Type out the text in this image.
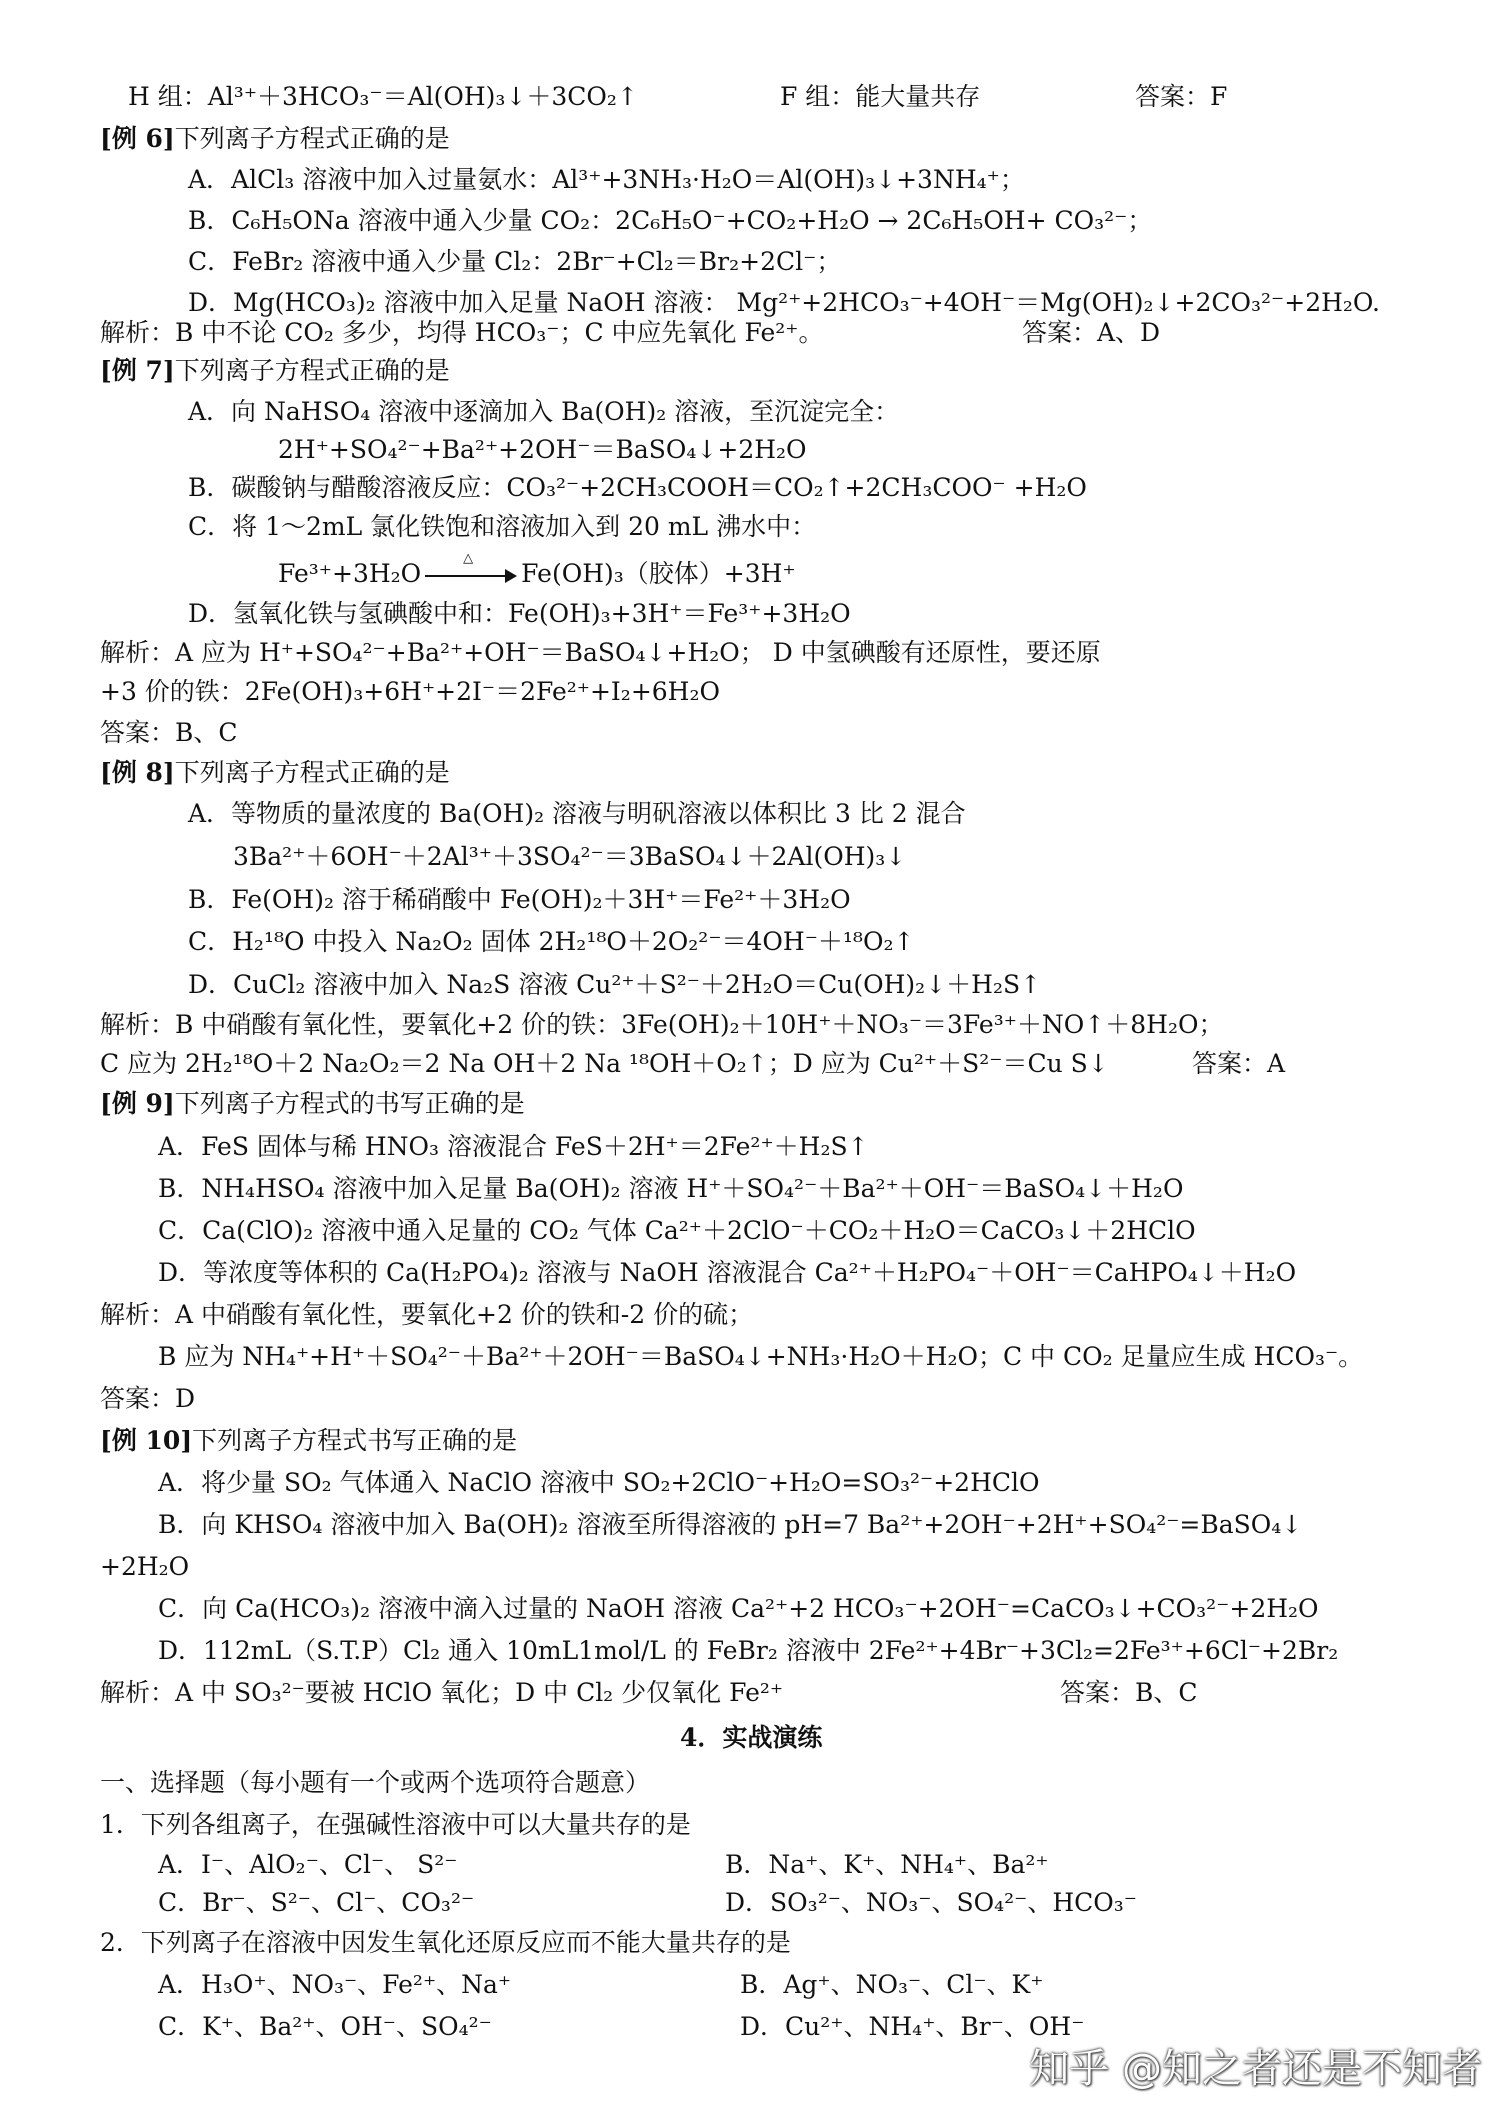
H 组：Al³⁺＋3HCO₃⁻＝Al(OH)₃↓＋3CO₂↑	F 组：能大量共存	答案：F
[例 6]下列离子方程式正确的是
A．AlCl₃ 溶液中加入过量氨水：Al³⁺+3NH₃·H₂O＝Al(OH)₃↓+3NH₄⁺；
B．C₆H₅ONa 溶液中通入少量 CO₂：2C₆H₅O⁻+CO₂+H₂O → 2C₆H₅OH+ CO₃²⁻；
C．FeBr₂ 溶液中通入少量 Cl₂：2Br⁻+Cl₂＝Br₂+2Cl⁻；
D．Mg(HCO₃)₂ 溶液中加入足量 NaOH 溶液： Mg²⁺+2HCO₃⁻+4OH⁻＝Mg(OH)₂↓+2CO₃²⁻+2H₂O.
解析：B 中不论 CO₂ 多少，均得 HCO₃⁻；C 中应先氧化 Fe²⁺。	答案：A、D
[例 7]下列离子方程式正确的是
A．向 NaHSO₄ 溶液中逐滴加入 Ba(OH)₂ 溶液，至沉淀完全：
2H⁺+SO₄²⁻+Ba²⁺+2OH⁻＝BaSO₄↓+2H₂O
B．碳酸钠与醋酸溶液反应：CO₃²⁻+2CH₃COOH＝CO₂↑+2CH₃COO⁻ +H₂O
C．将 1～2mL 氯化铁饱和溶液加入到 20 mL 沸水中：
Fe³⁺+3H₂O
△
Fe(OH)₃（胶体）+3H⁺
D．氢氧化铁与氢碘酸中和：Fe(OH)₃+3H⁺＝Fe³⁺+3H₂O
解析：A 应为 H⁺+SO₄²⁻+Ba²⁺+OH⁻＝BaSO₄↓+H₂O； D 中氢碘酸有还原性，要还原
+3 价的铁：2Fe(OH)₃+6H⁺+2I⁻＝2Fe²⁺+I₂+6H₂O
答案：B、C
[例 8]下列离子方程式正确的是
A．等物质的量浓度的 Ba(OH)₂ 溶液与明矾溶液以体积比 3 比 2 混合
3Ba²⁺＋6OH⁻＋2Al³⁺＋3SO₄²⁻＝3BaSO₄↓＋2Al(OH)₃↓
B．Fe(OH)₂ 溶于稀硝酸中 Fe(OH)₂＋3H⁺＝Fe²⁺＋3H₂O
C．H₂¹⁸O 中投入 Na₂O₂ 固体 2H₂¹⁸O＋2O₂²⁻＝4OH⁻＋¹⁸O₂↑
D．CuCl₂ 溶液中加入 Na₂S 溶液 Cu²⁺＋S²⁻＋2H₂O＝Cu(OH)₂↓＋H₂S↑
解析：B 中硝酸有氧化性，要氧化+2 价的铁：3Fe(OH)₂＋10H⁺＋NO₃⁻＝3Fe³⁺＋NO↑＋8H₂O；
C 应为 2H₂¹⁸O＋2 Na₂O₂＝2 Na OH＋2 Na ¹⁸OH＋O₂↑；D 应为 Cu²⁺＋S²⁻＝Cu S↓	答案：A
[例 9]下列离子方程式的书写正确的是
A．FeS 固体与稀 HNO₃ 溶液混合 FeS＋2H⁺＝2Fe²⁺＋H₂S↑
B．NH₄HSO₄ 溶液中加入足量 Ba(OH)₂ 溶液 H⁺＋SO₄²⁻＋Ba²⁺＋OH⁻＝BaSO₄↓＋H₂O
C．Ca(ClO)₂ 溶液中通入足量的 CO₂ 气体 Ca²⁺＋2ClO⁻＋CO₂＋H₂O＝CaCO₃↓＋2HClO
D．等浓度等体积的 Ca(H₂PO₄)₂ 溶液与 NaOH 溶液混合 Ca²⁺＋H₂PO₄⁻＋OH⁻＝CaHPO₄↓＋H₂O
解析：A 中硝酸有氧化性，要氧化+2 价的铁和-2 价的硫；
B 应为 NH₄⁺+H⁺＋SO₄²⁻＋Ba²⁺＋2OH⁻＝BaSO₄↓+NH₃·H₂O＋H₂O；C 中 CO₂ 足量应生成 HCO₃⁻。
答案：D
[例 10]下列离子方程式书写正确的是
A．将少量 SO₂ 气体通入 NaClO 溶液中 SO₂+2ClO⁻+H₂O=SO₃²⁻+2HClO
B．向 KHSO₄ 溶液中加入 Ba(OH)₂ 溶液至所得溶液的 pH=7 Ba²⁺+2OH⁻+2H⁺+SO₄²⁻=BaSO₄↓
+2H₂O
C．向 Ca(HCO₃)₂ 溶液中滴入过量的 NaOH 溶液 Ca²⁺+2 HCO₃⁻+2OH⁻=CaCO₃↓+CO₃²⁻+2H₂O
D．112mL（S.T.P）Cl₂ 通入 10mL1mol/L 的 FeBr₂ 溶液中 2Fe²⁺+4Br⁻+3Cl₂=2Fe³⁺+6Cl⁻+2Br₂
解析：A 中 SO₃²⁻要被 HClO 氧化；D 中 Cl₂ 少仅氧化 Fe²⁺	答案：B、C
4．实战演练
一、选择题（每小题有一个或两个选项符合题意）
1．下列各组离子，在强碱性溶液中可以大量共存的是
A．I⁻、AlO₂⁻、Cl⁻、 S²⁻	B．Na⁺、K⁺、NH₄⁺、Ba²⁺
C．Br⁻、S²⁻、Cl⁻、CO₃²⁻	D．SO₃²⁻、NO₃⁻、SO₄²⁻、HCO₃⁻
2．下列离子在溶液中因发生氧化还原反应而不能大量共存的是
A．H₃O⁺、NO₃⁻、Fe²⁺、Na⁺	B．Ag⁺、NO₃⁻、Cl⁻、K⁺
C．K⁺、Ba²⁺、OH⁻、SO₄²⁻	D．Cu²⁺、NH₄⁺、Br⁻、OH⁻
知乎 @知之者还是不知者
